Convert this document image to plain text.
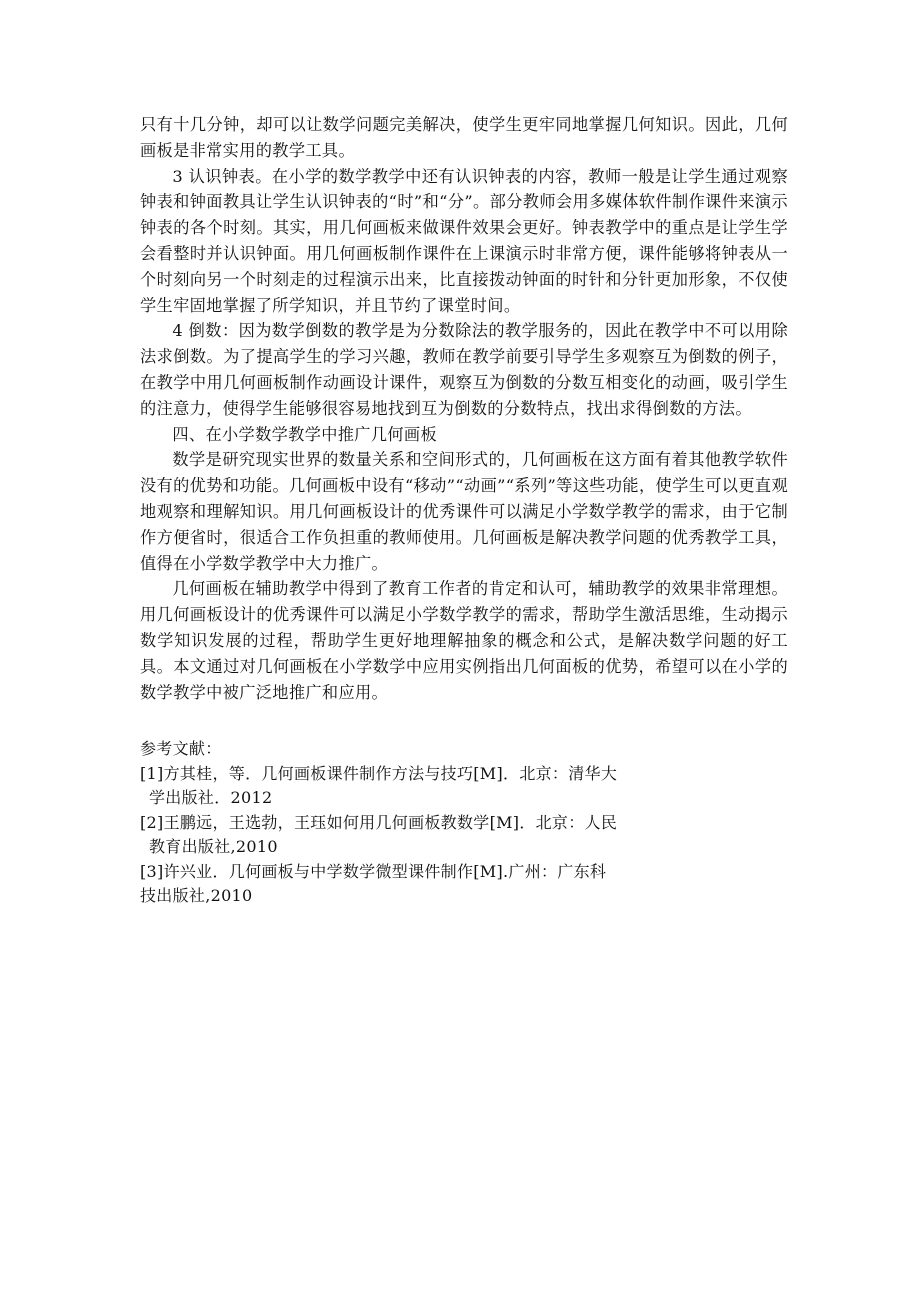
只有十几分钟，却可以让数学问题完美解决，使学生更牢同地掌握几何知识。因此，几何画板是非常实用的教学工具。

3 认识钟表。在小学的数学教学中还有认识钟表的内容，教师一般是让学生通过观察钟表和钟面教具让学生认识钟表的“时”和“分”。部分教师会用多媒体软件制作课件来演示钟表的各个时刻。其实，用几何画板来做课件效果会更好。钟表教学中的重点是让学生学会看整时并认识钟面。用几何画板制作课件在上课演示时非常方便，课件能够将钟表从一个时刻向另一个时刻走的过程演示出来，比直接拨动钟面的时针和分针更加形象，不仅使学生牢固地掌握了所学知识，并且节约了课堂时间。

4 倒数：因为数学倒数的教学是为分数除法的教学服务的，因此在教学中不可以用除法求倒数。为了提高学生的学习兴趣，教师在教学前要引导学生多观察互为倒数的例子，在教学中用几何画板制作动画设计课件，观察互为倒数的分数互相变化的动画，吸引学生的注意力，使得学生能够很容易地找到互为倒数的分数特点，找出求得倒数的方法。

四、在小学数学教学中推广几何画板

数学是研究现实世界的数量关系和空间形式的，几何画板在这方面有着其他教学软件没有的优势和功能。几何画板中设有“移动”“动画”“系列”等这些功能，使学生可以更直观地观察和理解知识。用几何画板设计的优秀课件可以满足小学数学教学的需求，由于它制作方便省时，很适合工作负担重的教师使用。几何画板是解决教学问题的优秀教学工具，值得在小学数学教学中大力推广。

几何画板在辅助教学中得到了教育工作者的肯定和认可，辅助教学的效果非常理想。用几何画板设计的优秀课件可以满足小学数学教学的需求，帮助学生激活思维，生动揭示数学知识发展的过程，帮助学生更好地理解抽象的概念和公式，是解决数学问题的好工具。本文通过对几何画板在小学数学中应用实例指出几何面板的优势，希望可以在小学的数学教学中被广泛地推广和应用。

参考文献：

[1]方其桂，等．几何画板课件制作方法与技巧[M]．北京：清华大

学出版社．2012

[2]王鹏远，王选勃，王珏如何用几何画板教数学[M]．北京：人民

教育出版社,2010

[3]许兴业．几何画板与中学数学微型课件制作[M].广州：广东科

技出版社,2010
